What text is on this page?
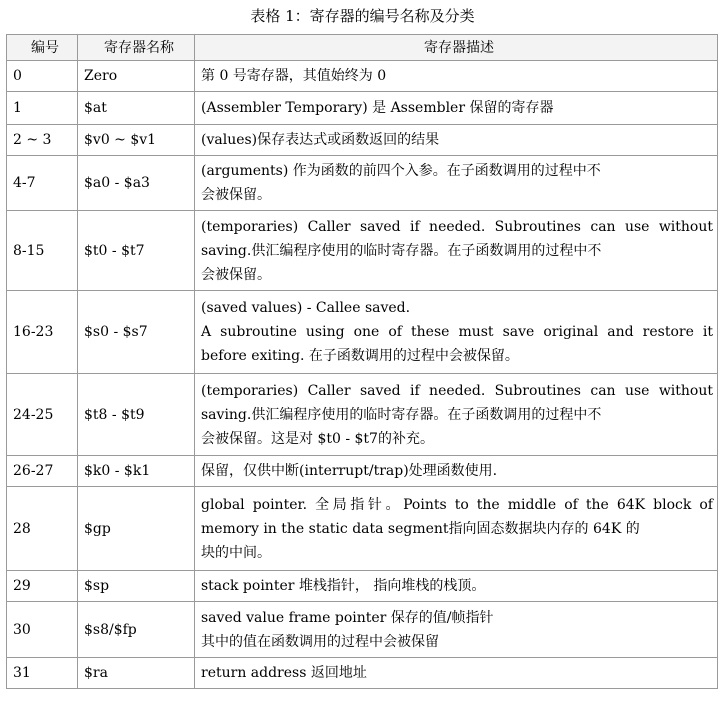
表格 1：寄存器的编号名称及分类
编号	寄存器名称	寄存器描述
0	Zero	第 0 号寄存器，其值始终为 0

1	$at	(Assembler Temporary) 是 Assembler 保留的寄存器

2 ~ 3	$v0 ~ $v1	(values)保存表达式或函数返回的结果

4-7	$a0 - $a3	(arguments) 作为函数的前四个入参。在子函数调用的过程中不
会被保留。

8-15	$t0 - $t7	(temporaries) Caller saved if needed. Subroutines can use without
saving.供汇编程序使用的临时寄存器。在子函数调用的过程中不
会被保留。

16-23	$s0 - $s7	(saved values) - Callee saved.
A subroutine using one of these must save original and restore it
before exiting. 在子函数调用的过程中会被保留。

24-25	$t8 - $t9	(temporaries) Caller saved if needed. Subroutines can use without
saving.供汇编程序使用的临时寄存器。在子函数调用的过程中不
会被保留。这是对 $t0 - $t7的补充。

26-27	$k0 - $k1	保留，仅供中断(interrupt/trap)处理函数使用.

28	$gp	global pointer. 全局指针。Points to the middle of the 64K block of
memory in the static data segment指向固态数据块内存的 64K 的
块的中间。

29	$sp	stack pointer 堆栈指针， 指向堆栈的栈顶。

30	$s8/$fp	saved value frame pointer 保存的值/帧指针
其中的值在函数调用的过程中会被保留

31	$ra	return address 返回地址
